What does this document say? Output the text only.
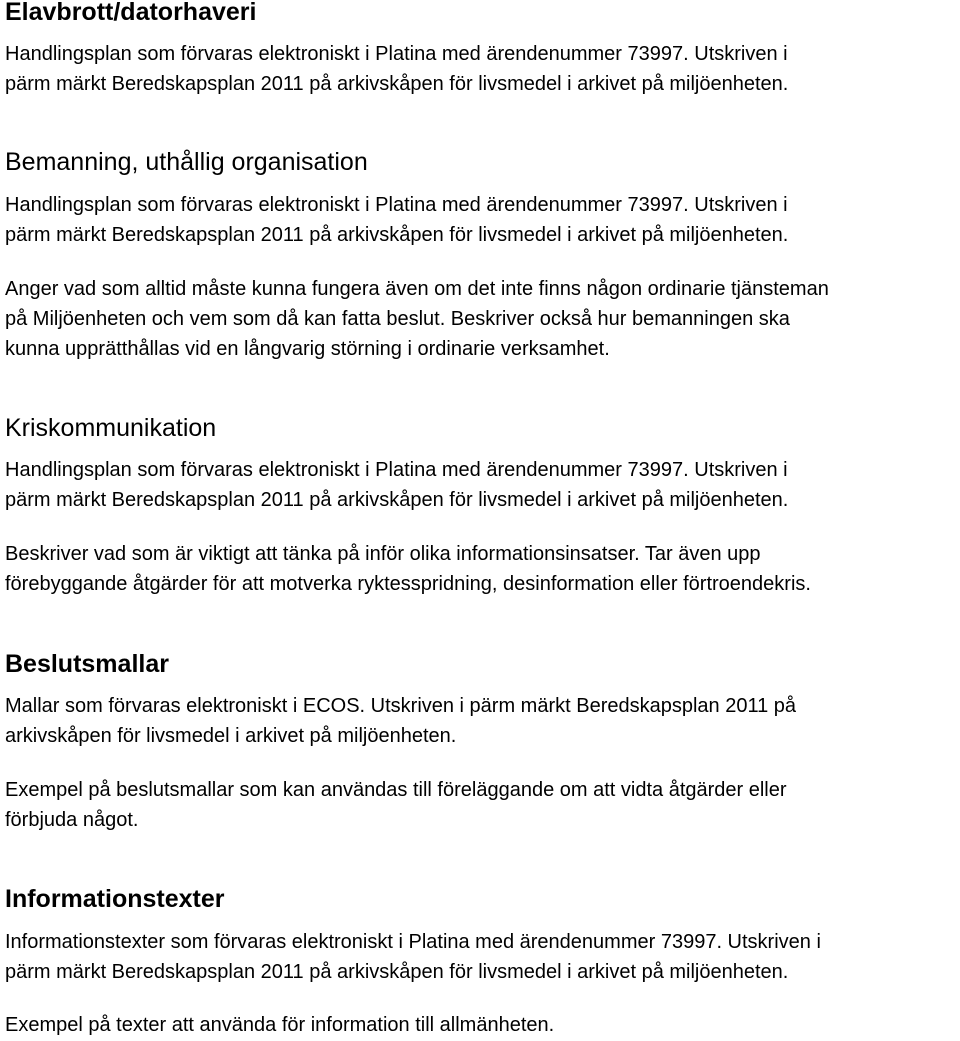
Elavbrott/datorhaveri
Handlingsplan som förvaras elektroniskt i Platina med ärendenummer 73997. Utskriven i
pärm märkt Beredskapsplan 2011 på arkivskåpen för livsmedel i arkivet på miljöenheten.
Bemanning, uthållig organisation
Handlingsplan som förvaras elektroniskt i Platina med ärendenummer 73997. Utskriven i
pärm märkt Beredskapsplan 2011 på arkivskåpen för livsmedel i arkivet på miljöenheten.
Anger vad som alltid måste kunna fungera även om det inte finns någon ordinarie tjänsteman
på Miljöenheten och vem som då kan fatta beslut. Beskriver också hur bemanningen ska
kunna upprätthållas vid en långvarig störning i ordinarie verksamhet.
Kriskommunikation
Handlingsplan som förvaras elektroniskt i Platina med ärendenummer 73997. Utskriven i
pärm märkt Beredskapsplan 2011 på arkivskåpen för livsmedel i arkivet på miljöenheten.
Beskriver vad som är viktigt att tänka på inför olika informationsinsatser. Tar även upp
förebyggande åtgärder för att motverka ryktesspridning, desinformation eller förtroendekris.
Beslutsmallar
Mallar som förvaras elektroniskt i ECOS. Utskriven i pärm märkt Beredskapsplan 2011 på
arkivskåpen för livsmedel i arkivet på miljöenheten.
Exempel på beslutsmallar som kan användas till föreläggande om att vidta åtgärder eller
förbjuda något.
Informationstexter
Informationstexter som förvaras elektroniskt i Platina med ärendenummer 73997. Utskriven i
pärm märkt Beredskapsplan 2011 på arkivskåpen för livsmedel i arkivet på miljöenheten.
Exempel på texter att använda för information till allmänheten.
